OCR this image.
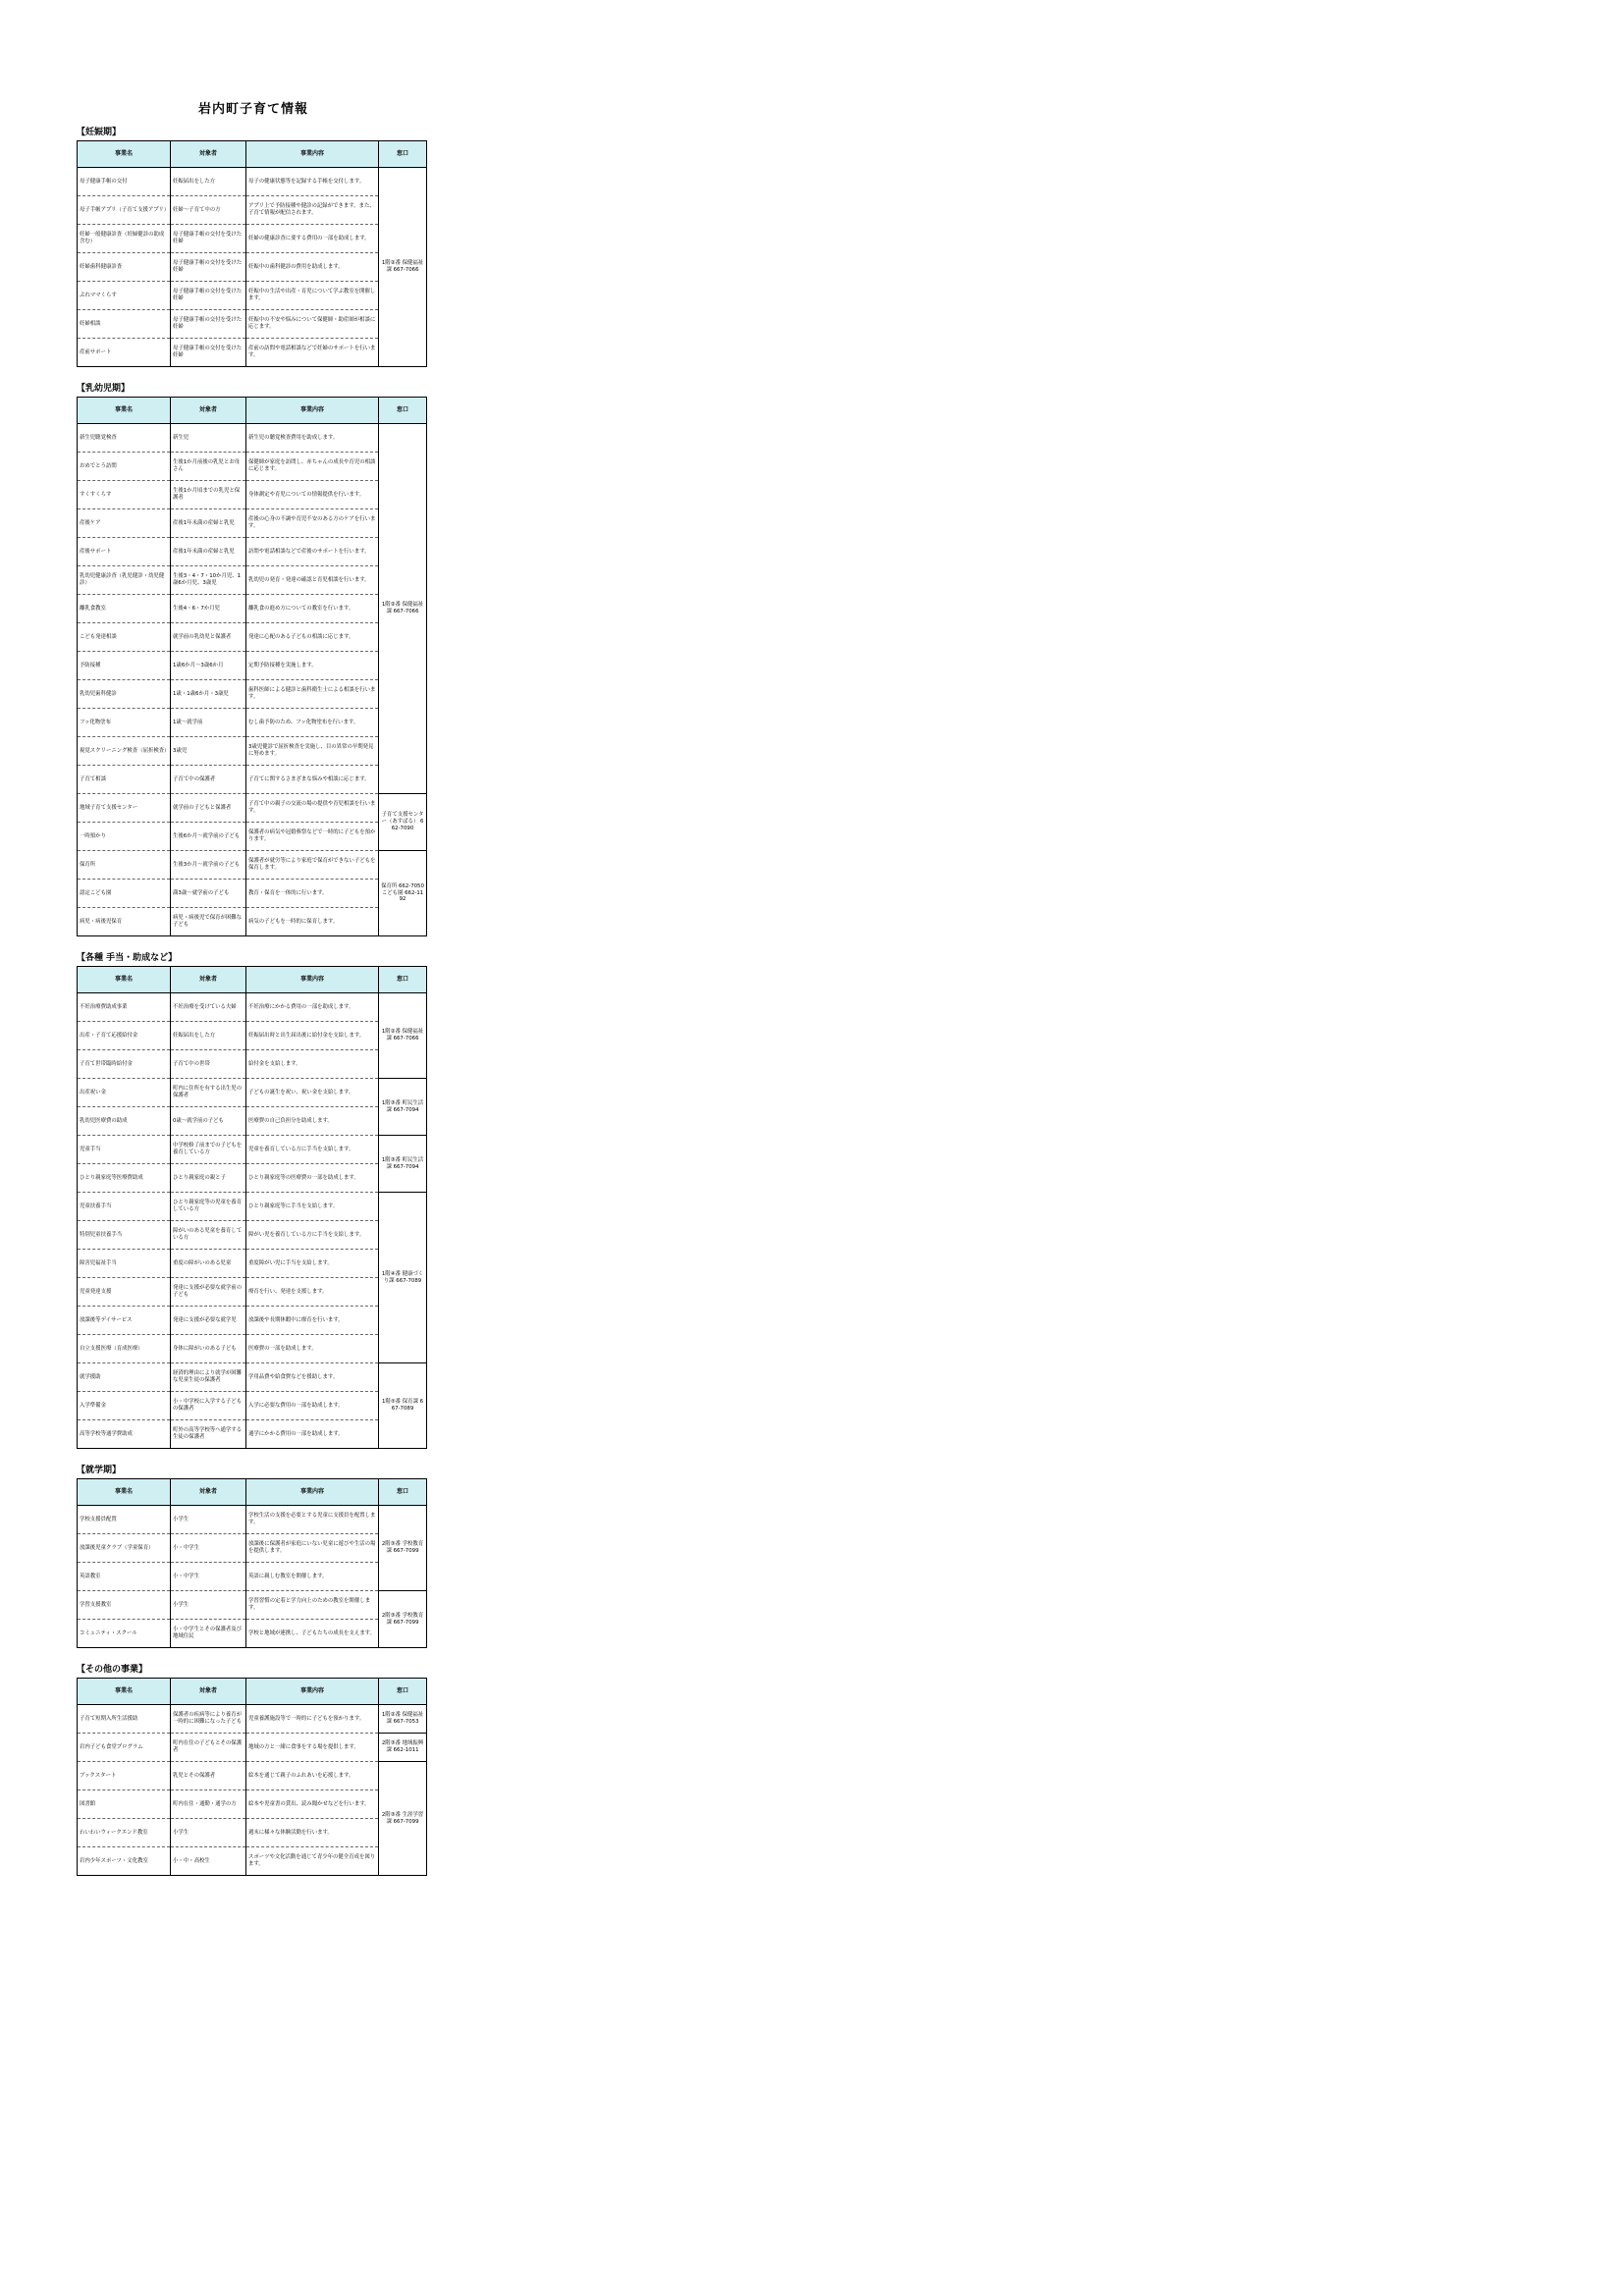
岩内町子育て情報
【妊娠期】
事業名	対象者	事業内容	窓口
母子健康手帳の交付	妊娠届出をした方	母子の健康状態等を記録する手帳を交付します。	1階②番 保健福祉課 667-7066
母子手帳アプリ（子育て支援アプリ）	妊婦～子育て中の方	アプリ上で予防接種や健診の記録ができます。また、子育て情報が配信されます。	
妊婦一般健康診査（妊婦健診の助成含む）	母子健康手帳の交付を受けた妊婦	妊婦の健康診査に要する費用の一部を助成します。	
妊婦歯科健康診査	母子健康手帳の交付を受けた妊婦	妊娠中の歯科健診の費用を助成します。	
ぷれママくらす	母子健康手帳の交付を受けた妊婦	妊娠中の生活や出産・育児について学ぶ教室を開催します。	
妊婦相談	母子健康手帳の交付を受けた妊婦	妊娠中の不安や悩みについて保健師・助産師が相談に応じます。	
産前サポート	母子健康手帳の交付を受けた妊婦	産前の訪問や電話相談などで妊婦のサポートを行います。	
【乳幼児期】
事業名	対象者	事業内容	窓口
新生児聴覚検査	新生児	新生児の聴覚検査費用を助成します。	1階②番 保健福祉課 667-7066
おめでとう訪問	生後1か月前後の乳児とお母さん	保健師が家庭を訪問し、赤ちゃんの成長や育児の相談に応じます。	
すくすくらす	生後1か月頃までの乳児と保護者	身体測定や育児についての情報提供を行います。	
産後ケア	産後1年未満の産婦と乳児	産後の心身の不調や育児不安のある方のケアを行います。	
産後サポート	産後1年未満の産婦と乳児	訪問や電話相談などで産後のサポートを行います。	
乳幼児健康診査（乳児健診・幼児健診）	生後3・4・7・10か月児、1歳6か月児、3歳児	乳幼児の発育・発達の確認と育児相談を行います。	
離乳食教室	生後4・6・7か月児	離乳食の進め方についての教室を行います。	
こども発達相談	就学前の乳幼児と保護者	発達に心配のある子どもの相談に応じます。	
予防接種	1歳6か月～3歳6か月	定期予防接種を実施します。	
乳幼児歯科健診	1歳・1歳6か月・3歳児	歯科医師による健診と歯科衛生士による相談を行います。	
フッ化物塗布	1歳～就学前	むし歯予防のため、フッ化物塗布を行います。	
視覚スクリーニング検査（屈折検査）	3歳児	3歳児健診で屈折検査を実施し、目の異常の早期発見に努めます。	
子育て相談	子育て中の保護者	子育てに関するさまざまな悩みや相談に応じます。	
地域子育て支援センター	就学前の子どもと保護者	子育て中の親子の交流の場の提供や育児相談を行います。	子育て支援センター（あすぱる） 662-7090
一時預かり	生後6か月～就学前の子ども	保護者の病気や冠婚葬祭などで一時的に子どもを預かります。	
保育所	生後3か月～就学前の子ども	保護者が就労等により家庭で保育ができない子どもを保育します。	保育所 662-7050 こども園 662-1192
認定こども園	満3歳～就学前の子ども	教育・保育を一体的に行います。	
病児・病後児保育	病児・病後児で保育が困難な子ども	病気の子どもを一時的に保育します。	
【各種 手当・助成など】
事業名	対象者	事業内容	窓口
不妊治療費助成事業	不妊治療を受けている夫婦	不妊治療にかかる費用の一部を助成します。	1階②番 保健福祉課 667-7066
出産・子育て応援給付金	妊娠届出をした方	妊娠届出時と出生届出後に給付金を支給します。	
子育て世帯臨時給付金	子育て中の世帯	給付金を支給します。	
出産祝い金	町内に住所を有する出生児の保護者	子どもの誕生を祝い、祝い金を支給します。	1階③番 町民生活課 667-7094
乳幼児医療費の助成	0歳～就学前の子ども	医療費の自己負担分を助成します。	
児童手当	中学校修了前までの子どもを養育している方	児童を養育している方に手当を支給します。	1階③番 町民生活課 667-7094
ひとり親家庭等医療費助成	ひとり親家庭の親と子	ひとり親家庭等の医療費の一部を助成します。	
児童扶養手当	ひとり親家庭等の児童を養育している方	ひとり親家庭等に手当を支給します。	1階④番 健康づくり課 667-7089
特別児童扶養手当	障がいのある児童を養育している方	障がい児を養育している方に手当を支給します。	
障害児福祉手当	重度の障がいのある児童	重度障がい児に手当を支給します。	
児童発達支援	発達に支援が必要な就学前の子ども	療育を行い、発達を支援します。	
放課後等デイサービス	発達に支援が必要な就学児	放課後や長期休暇中に療育を行います。	
自立支援医療（育成医療）	身体に障がいのある子ども	医療費の一部を助成します。	
就学援助	経済的理由により就学が困難な児童生徒の保護者	学用品費や給食費などを援助します。	1階⑤番 保育課 667-7089
入学準備金	小・中学校に入学する子どもの保護者	入学に必要な費用の一部を助成します。	
高等学校等通学費助成	町外の高等学校等へ通学する生徒の保護者	通学にかかる費用の一部を助成します。	
【就学期】
事業名	対象者	事業内容	窓口
学校支援員配置	小学生	学校生活の支援を必要とする児童に支援員を配置します。	2階③番 学校教育課 667-7099
放課後児童クラブ（学童保育）	小・中学生	放課後に保護者が家庭にいない児童に遊びや生活の場を提供します。	
英語教室	小・中学生	英語に親しむ教室を開催します。	
学習支援教室	小学生	学習習慣の定着と学力向上のための教室を開催します。	2階③番 学校教育課 667-7099
コミュニティ・スクール	小・中学生とその保護者及び地域住民	学校と地域が連携し、子どもたちの成長を支えます。	
【その他の事業】
事業名	対象者	事業内容	窓口
子育て短期入所生活援助	保護者の疾病等により養育が一時的に困難になった子ども	児童養護施設等で一時的に子どもを預かります。	1階②番 保健福祉課 667-7053
岩内子ども食堂プログラム	町内在住の子どもとその保護者	地域の方と一緒に食事をする場を提供します。	2階③番 地域振興課 662-1011
ブックスタート	乳児とその保護者	絵本を通じて親子のふれあいを応援します。	2階③番 生涯学習課 667-7099
図書館	町内在住・通勤・通学の方	絵本や児童書の貸出、読み聞かせなどを行います。	
わいわいウィークエンド教室	小学生	週末に様々な体験活動を行います。	
岩内少年スポーツ・文化教室	小・中・高校生	スポーツや文化活動を通じて青少年の健全育成を図ります。	
